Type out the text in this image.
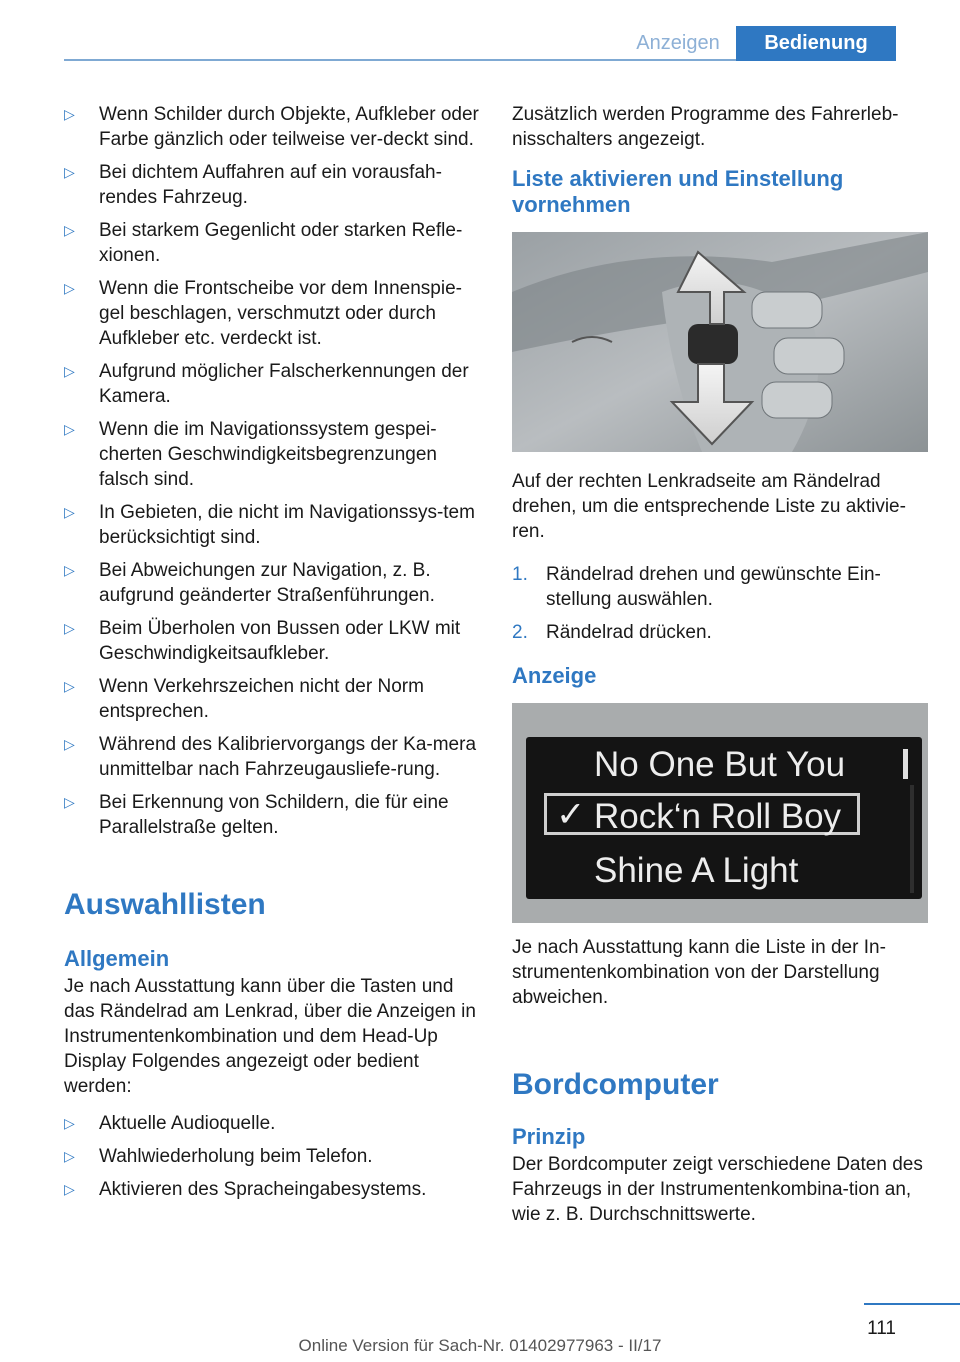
Anzeigen	Bedienung
▷ Wenn Schilder durch Objekte, Aufkleber oder Farbe gänzlich oder teilweise ver-deckt sind.
▷ Bei dichtem Auffahren auf ein vorausfah-rendes Fahrzeug.
▷ Bei starkem Gegenlicht oder starken Refle-xionen.
▷ Wenn die Frontscheibe vor dem Innenspie-gel beschlagen, verschmutzt oder durch Aufkleber etc. verdeckt ist.
▷ Aufgrund möglicher Falscherkennungen der Kamera.
▷ Wenn die im Navigationssystem gespei-cherten Geschwindigkeitsbegrenzungen falsch sind.
▷ In Gebieten, die nicht im Navigationssys-tem berücksichtigt sind.
▷ Bei Abweichungen zur Navigation, z. B. aufgrund geänderter Straßenführungen.
▷ Beim Überholen von Bussen oder LKW mit Geschwindigkeitsaufkleber.
▷ Wenn Verkehrszeichen nicht der Norm entsprechen.
▷ Während des Kalibriervorgangs der Ka-mera unmittelbar nach Fahrzeugausliefe-rung.
▷ Bei Erkennung von Schildern, die für eine Parallelstraße gelten.
Auswahllisten
Allgemein

Je nach Ausstattung kann über die Tasten und das Rändelrad am Lenkrad, über die Anzeigen in Instrumentenkombination und dem Head-Up Display Folgendes angezeigt oder bedient werden:

▷ Aktuelle Audioquelle.
▷ Wahlwiederholung beim Telefon.
▷ Aktivieren des Spracheingabesystems.

Zusätzlich werden Programme des Fahrerleb-nisschalters angezeigt.

Liste aktivieren und Einstellung vornehmen

Auf der rechten Lenkradseite am Rändelrad drehen, um die entsprechende Liste zu aktivie-ren.

1. Rändelrad drehen und gewünschte Ein-stellung auswählen.
2. Rändelrad drücken.
Anzeige
No One But You
✓ Rock‘n Roll Boy
Shine A Light

Je nach Ausstattung kann die Liste in der In-strumentenkombination von der Darstellung abweichen.

Bordcomputer
Prinzip

Der Bordcomputer zeigt verschiedene Daten des Fahrzeugs in der Instrumentenkombina-tion an, wie z. B. Durchschnittswerte.

111
Online Version für Sach-Nr. 01402977963 - II/17
